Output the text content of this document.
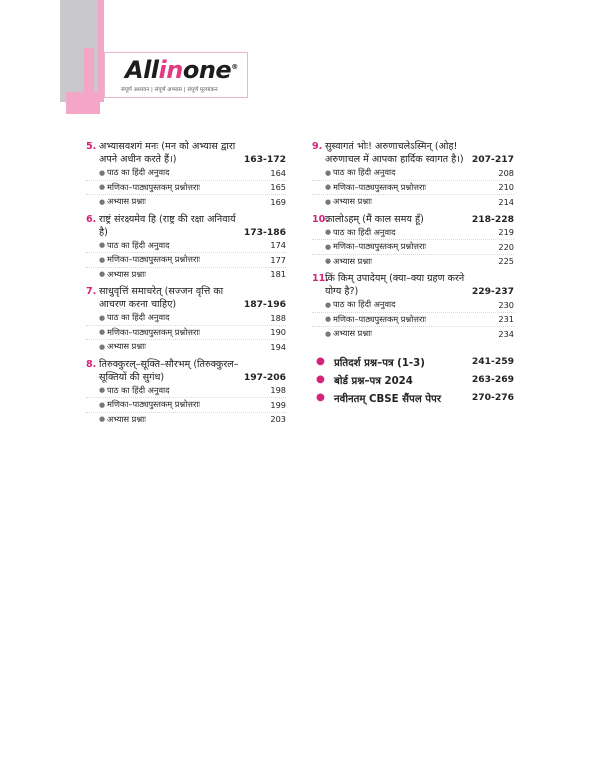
Allinone®
संपूर्ण अध्ययन | संपूर्ण अभ्यास | संपूर्ण मूल्यांकन
5. अभ्यासवशगं मनः (मन को अभ्यास द्वारा अपने अधीन करते हैं।)	163-172
● पाठ का हिंदी अनुवाद	164
● मणिका–पाठ्यपुस्तकम् प्रश्नोत्तराः	165
● अभ्यास प्रश्नाः	169
6. राष्ट्रं संरक्ष्यमेव हि (राष्ट्र की रक्षा अनिवार्य है)	173-186
● पाठ का हिंदी अनुवाद	174
● मणिका–पाठ्यपुस्तकम् प्रश्नोत्तराः	177
● अभ्यास प्रश्नाः	181
7. साधुवृत्तिं समाचरेत् (सज्जन वृत्ति का आचरण करना चाहिए)	187-196
● पाठ का हिंदी अनुवाद	188
● मणिका–पाठ्यपुस्तकम् प्रश्नोत्तराः	190
● अभ्यास प्रश्नाः	194
8. तिरुक्कुरल्–सूक्ति–सौरभम् (तिरुक्कुरल–सूक्तियों की सुगंध)	197-206
● पाठ का हिंदी अनुवाद	198
● मणिका–पाठ्यपुस्तकम् प्रश्नोत्तराः	199
● अभ्यास प्रश्नाः	203
9. सुस्वागतं भोः! अरुणाचलेऽस्मिन् (ओह! अरुणाचल में आपका हार्दिक स्वागत है।) 207-217
● पाठ का हिंदी अनुवाद	208
● मणिका–पाठ्यपुस्तकम् प्रश्नोत्तराः	210
● अभ्यास प्रश्नाः	214
10.
कालोऽहम् (मैं काल समय हूँ)	218-228
● पाठ का हिंदी अनुवाद	219
● मणिका–पाठ्यपुस्तकम् प्रश्नोत्तराः	220
● अभ्यास प्रश्नाः	225
11.
किं किम् उपादेयम् (क्या–क्या ग्रहण करने योग्य है?)	229-237
● पाठ का हिंदी अनुवाद	230
● मणिका–पाठ्यपुस्तकम् प्रश्नोत्तराः	231
● अभ्यास प्रश्नाः	234
● प्रतिदर्श प्रश्न–पत्र (1-3)	241-259
● बोर्ड प्रश्न–पत्र 2024	263-269
● नवीनतम् CBSE सैंपल पेपर	270-276
